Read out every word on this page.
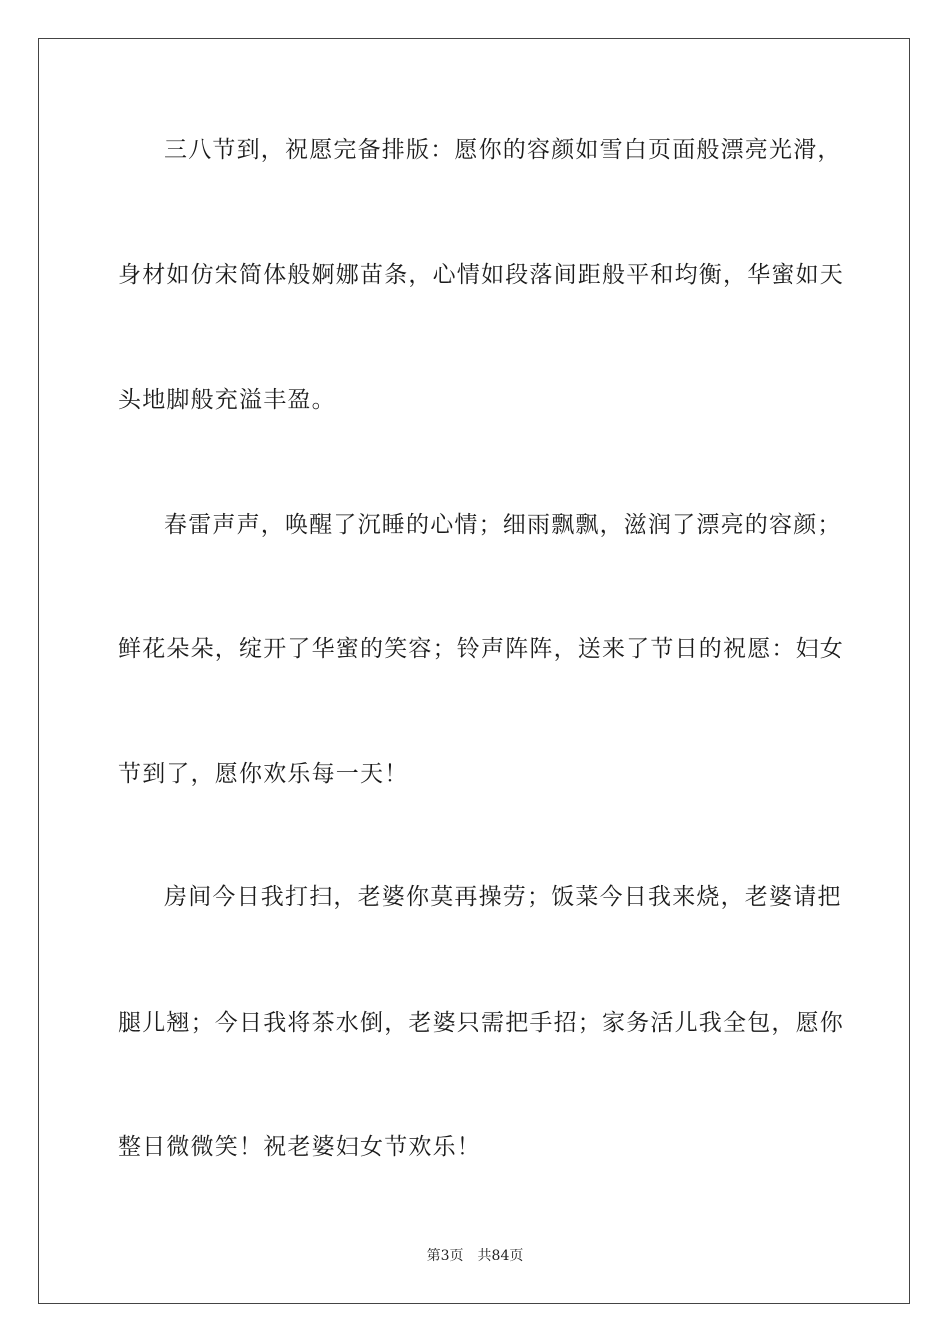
三八节到，祝愿完备排版：愿你的容颜如雪白页面般漂亮光滑，
身材如仿宋简体般婀娜苗条，心情如段落间距般平和均衡，华蜜如天
头地脚般充溢丰盈。
春雷声声，唤醒了沉睡的心情；细雨飘飘，滋润了漂亮的容颜；
鲜花朵朵，绽开了华蜜的笑容；铃声阵阵，送来了节日的祝愿：妇女
节到了，愿你欢乐每一天！
房间今日我打扫，老婆你莫再操劳；饭菜今日我来烧，老婆请把
腿儿翘；今日我将茶水倒，老婆只需把手招；家务活儿我全包，愿你
整日微微笑！祝老婆妇女节欢乐！
第3页 共84页
